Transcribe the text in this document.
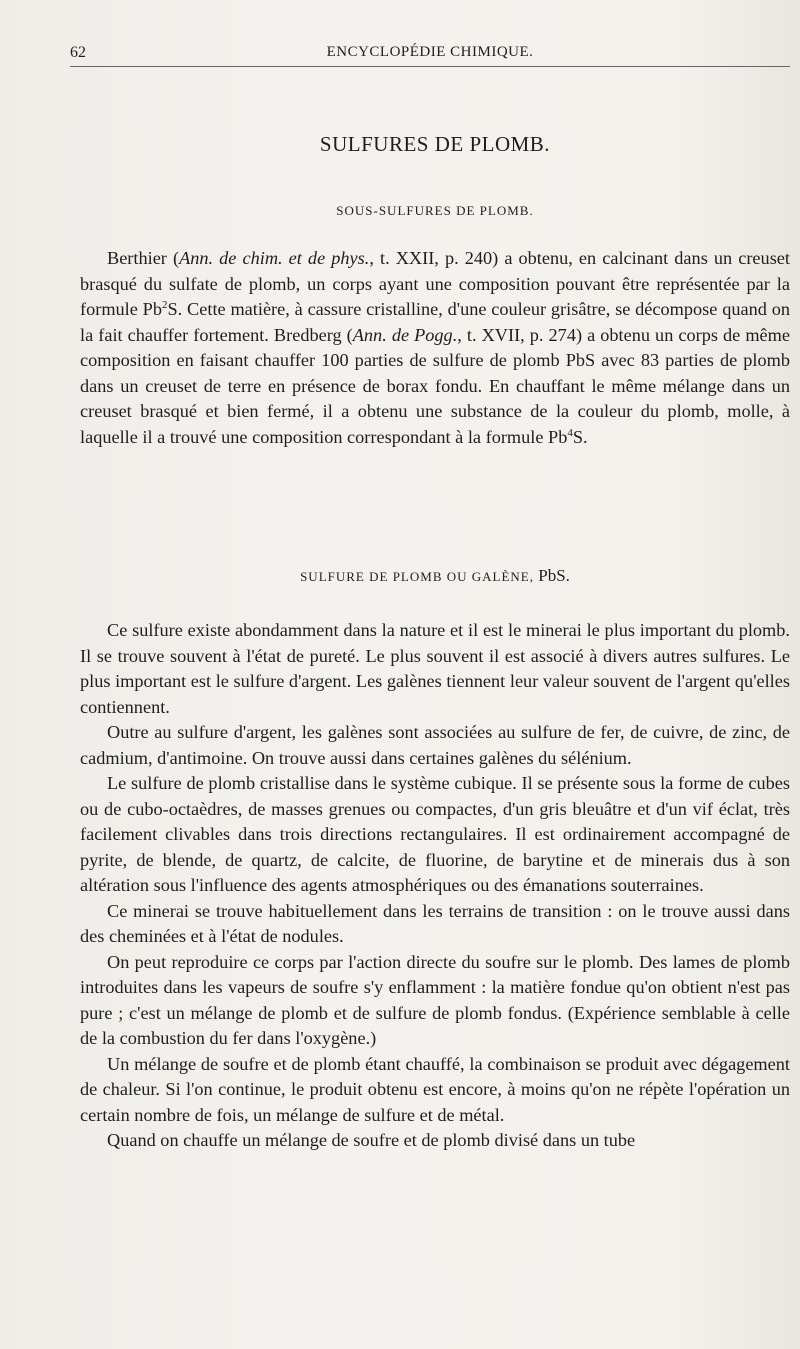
62	ENCYCLOPÉDIE CHIMIQUE.
SULFURES DE PLOMB.
SOUS-SULFURES DE PLOMB.

Berthier (Ann. de chim. et de phys., t. XXII, p. 240) a obtenu, en calcinant dans un creuset brasqué du sulfate de plomb, un corps ayant une composition pouvant être représentée par la formule Pb$^2$S. Cette matière, à cassure cristalline, d'une couleur grisâtre, se décompose quand on la fait chauffer fortement. Bredberg (Ann. de Pogg., t. XVII, p. 274) a obtenu un corps de même composition en faisant chauffer 100 parties de sulfure de plomb PbS avec 83 parties de plomb dans un creuset de terre en présence de borax fondu. En chauffant le même mélange dans un creuset brasqué et bien fermé, il a obtenu une substance de la couleur du plomb, molle, à laquelle il a trouvé une composition correspondant à la formule Pb$^4$S.

SULFURE DE PLOMB OU GALÈNE, PbS.

Ce sulfure existe abondamment dans la nature et il est le minerai le plus important du plomb. Il se trouve souvent à l'état de pureté. Le plus souvent il est associé à divers autres sulfures. Le plus important est le sulfure d'argent. Les galènes tiennent leur valeur souvent de l'argent qu'elles contiennent.

Outre au sulfure d'argent, les galènes sont associées au sulfure de fer, de cuivre, de zinc, de cadmium, d'antimoine. On trouve aussi dans certaines galènes du sélénium.

Le sulfure de plomb cristallise dans le système cubique. Il se présente sous la forme de cubes ou de cubo-octaèdres, de masses grenues ou compactes, d'un gris bleuâtre et d'un vif éclat, très facilement clivables dans trois directions rectangulaires. Il est ordinairement accompagné de pyrite, de blende, de quartz, de calcite, de fluorine, de barytine et de minerais dus à son altération sous l'influence des agents atmosphériques ou des émanations souterraines.

Ce minerai se trouve habituellement dans les terrains de transition : on le trouve aussi dans des cheminées et à l'état de nodules.

On peut reproduire ce corps par l'action directe du soufre sur le plomb. Des lames de plomb introduites dans les vapeurs de soufre s'y enflamment : la matière fondue qu'on obtient n'est pas pure ; c'est un mélange de plomb et de sulfure de plomb fondus. (Expérience semblable à celle de la combustion du fer dans l'oxygène.)

Un mélange de soufre et de plomb étant chauffé, la combinaison se produit avec dégagement de chaleur. Si l'on continue, le produit obtenu est encore, à moins qu'on ne répète l'opération un certain nombre de fois, un mélange de sulfure et de métal.

Quand on chauffe un mélange de soufre et de plomb divisé dans un tube
